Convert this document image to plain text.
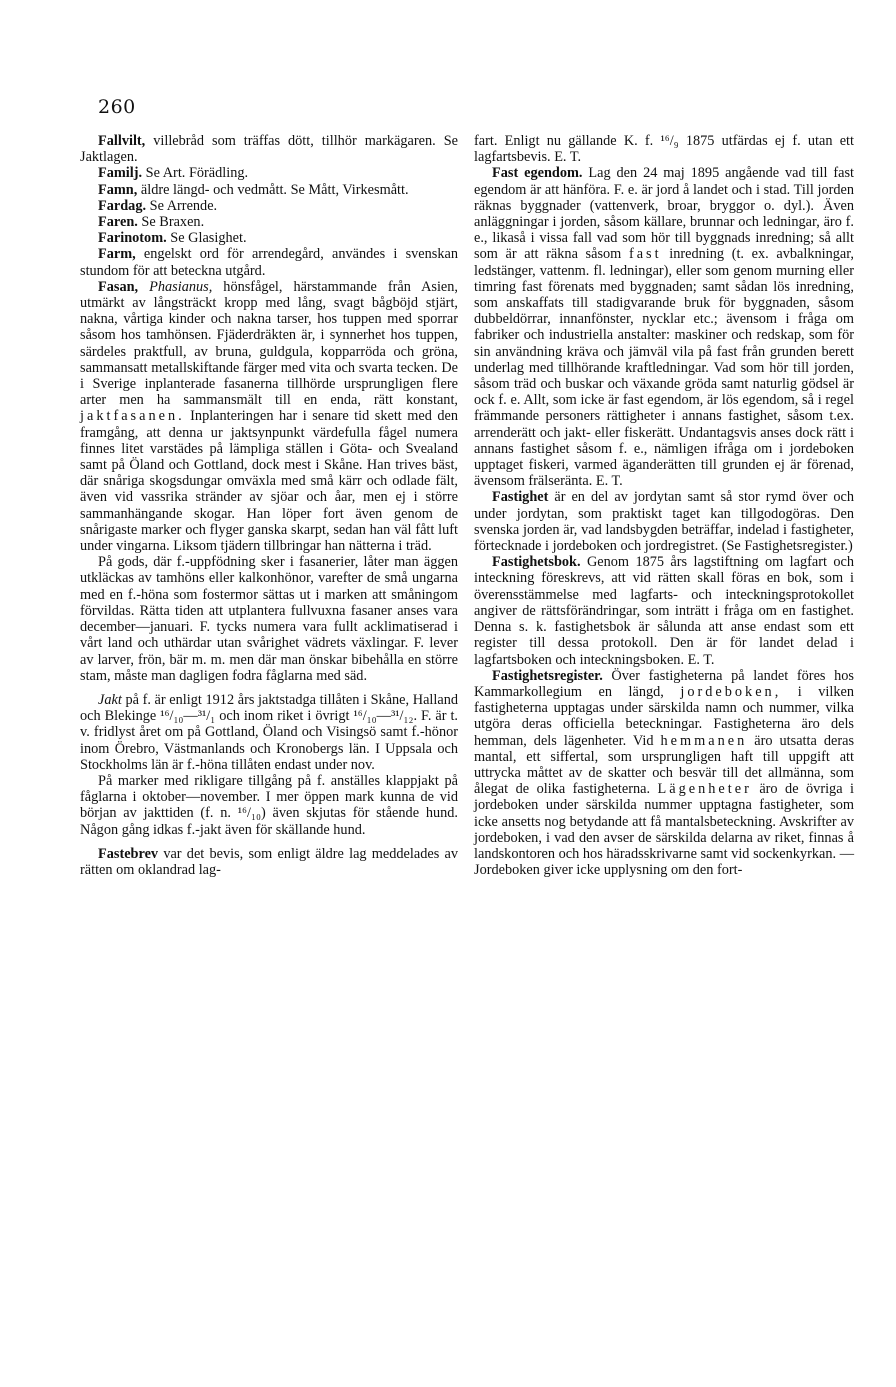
260

Fallvilt, villebråd som träffas dött, tillhör markägaren. Se Jaktlagen.

Familj. Se Art. Förädling.

Famn, äldre längd- och vedmått. Se Mått, Virkesmått.

Fardag. Se Arrende.

Faren. Se Braxen.

Farinotom. Se Glasighet.

Farm, engelskt ord för arrendegård, användes i svenskan stundom för att beteckna utgård.

Fasan, Phasianus, hönsfågel, härstammande från Asien, utmärkt av långsträckt kropp med lång, svagt bågböjd stjärt, nakna, vårtiga kinder och nakna tarser, hos tuppen med sporrar såsom hos tamhönsen. Fjäderdräkten är, i synnerhet hos tuppen, särdeles praktfull, av bruna, guldgula, kopparröda och gröna, sammansatt metallskiftande färger med vita och svarta tecken. De i Sverige inplanterade fasanerna tillhörde ursprungligen flere arter men ha sammansmält till en enda, rätt konstant, jaktfasanen. Inplanteringen har i senare tid skett med den framgång, att denna ur jaktsynpunkt värdefulla fågel numera finnes litet varstädes på lämpliga ställen i Göta- och Svealand samt på Öland och Gottland, dock mest i Skåne. Han trives bäst, där snåriga skogsdungar omväxla med små kärr och odlade fält, även vid vassrika stränder av sjöar och åar, men ej i större sammanhängande skogar. Han löper fort även genom de snårigaste marker och flyger ganska skarpt, sedan han väl fått luft under vingarna. Liksom tjädern tillbringar han nätterna i träd.

På gods, där f.-uppfödning sker i fasanerier, låter man äggen utkläckas av tamhöns eller kalkonhönor, varefter de små ungarna med en f.-höna som fostermor sättas ut i marken att småningom förvildas. Rätta tiden att utplantera fullvuxna fasaner anses vara december—januari. F. tycks numera vara fullt acklimatiserad i vårt land och uthärdar utan svårighet vädrets växlingar. F. lever av larver, frön, bär m. m. men där man önskar bibehålla en större stam, måste man dagligen fodra fåglarna med säd.

Jakt på f. är enligt 1912 års jaktstadga tillåten i Skåne, Halland och Blekinge ¹⁶/₁₀—³¹/₁ och inom riket i övrigt ¹⁶/₁₀—³¹/₁₂. F. är t. v. fridlyst året om på Gottland, Öland och Visingsö samt f.-hönor inom Örebro, Västmanlands och Kronobergs län. I Uppsala och Stockholms län är f.-höna tillåten endast under nov.

På marker med rikligare tillgång på f. anställes klappjakt på fåglarna i oktober—november. I mer öppen mark kunna de vid början av jakttiden (f. n. ¹⁶/₁₀) även skjutas för stående hund. Någon gång idkas f.-jakt även för skällande hund.

Fastebrev var det bevis, som enligt äldre lag meddelades av rätten om oklandrad lag-

fart. Enligt nu gällande K. f. ¹⁶/₉ 1875 utfärdas ej f. utan ett lagfartsbevis. E. T.

Fast egendom. Lag den 24 maj 1895 angående vad till fast egendom är att hänföra. F. e. är jord å landet och i stad. Till jorden räknas byggnader (vattenverk, broar, bryggor o. dyl.). Även anläggningar i jorden, såsom källare, brunnar och ledningar, äro f. e., likaså i vissa fall vad som hör till byggnads inredning; så allt som är att räkna såsom fast inredning (t. ex. avbalkningar, ledstänger, vattenm. fl. ledningar), eller som genom murning eller timring fast förenats med byggnaden; samt sådan lös inredning, som anskaffats till stadigvarande bruk för byggnaden, såsom dubbeldörrar, innanfönster, nycklar etc.; ävensom i fråga om fabriker och industriella anstalter: maskiner och redskap, som för sin användning kräva och jämväl vila på fast från grunden berett underlag med tillhörande kraftledningar. Vad som hör till jorden, såsom träd och buskar och växande gröda samt naturlig gödsel är ock f. e. Allt, som icke är fast egendom, är lös egendom, så i regel främmande personers rättigheter i annans fastighet, såsom t.ex. arrenderätt och jakt- eller fiskerätt. Undantagsvis anses dock rätt i annans fastighet såsom f. e., nämligen ifråga om i jordeboken upptaget fiskeri, varmed äganderätten till grunden ej är förenad, ävensom frälseränta. E. T.

Fastighet är en del av jordytan samt så stor rymd över och under jordytan, som praktiskt taget kan tillgodogöras. Den svenska jorden är, vad landsbygden beträffar, indelad i fastigheter, förtecknade i jordeboken och jordregistret. (Se Fastighetsregister.)

Fastighetsbok. Genom 1875 års lagstiftning om lagfart och inteckning föreskrevs, att vid rätten skall föras en bok, som i överensstämmelse med lagfarts- och inteckningsprotokollet angiver de rättsförändringar, som inträtt i fråga om en fastighet. Denna s. k. fastighetsbok är sålunda att anse endast som ett register till dessa protokoll. Den är för landet delad i lagfartsboken och inteckningsboken. E. T.

Fastighetsregister. Över fastigheterna på landet föres hos Kammarkollegium en längd, jordeboken, i vilken fastigheterna upptagas under särskilda namn och nummer, vilka utgöra deras officiella beteckningar. Fastigheterna äro dels hemman, dels lägenheter. Vid hemmanen äro utsatta deras mantal, ett siffertal, som ursprungligen haft till uppgift att uttrycka måttet av de skatter och besvär till det allmänna, som ålegat de olika fastigheterna. Lägenheter äro de övriga i jordeboken under särskilda nummer upptagna fastigheter, som icke ansetts nog betydande att få mantalsbeteckning. Avskrifter av jordeboken, i vad den avser de särskilda delarna av riket, finnas å landskontoren och hos häradsskrivarne samt vid sockenkyrkan. — Jordeboken giver icke upplysning om den fort-
